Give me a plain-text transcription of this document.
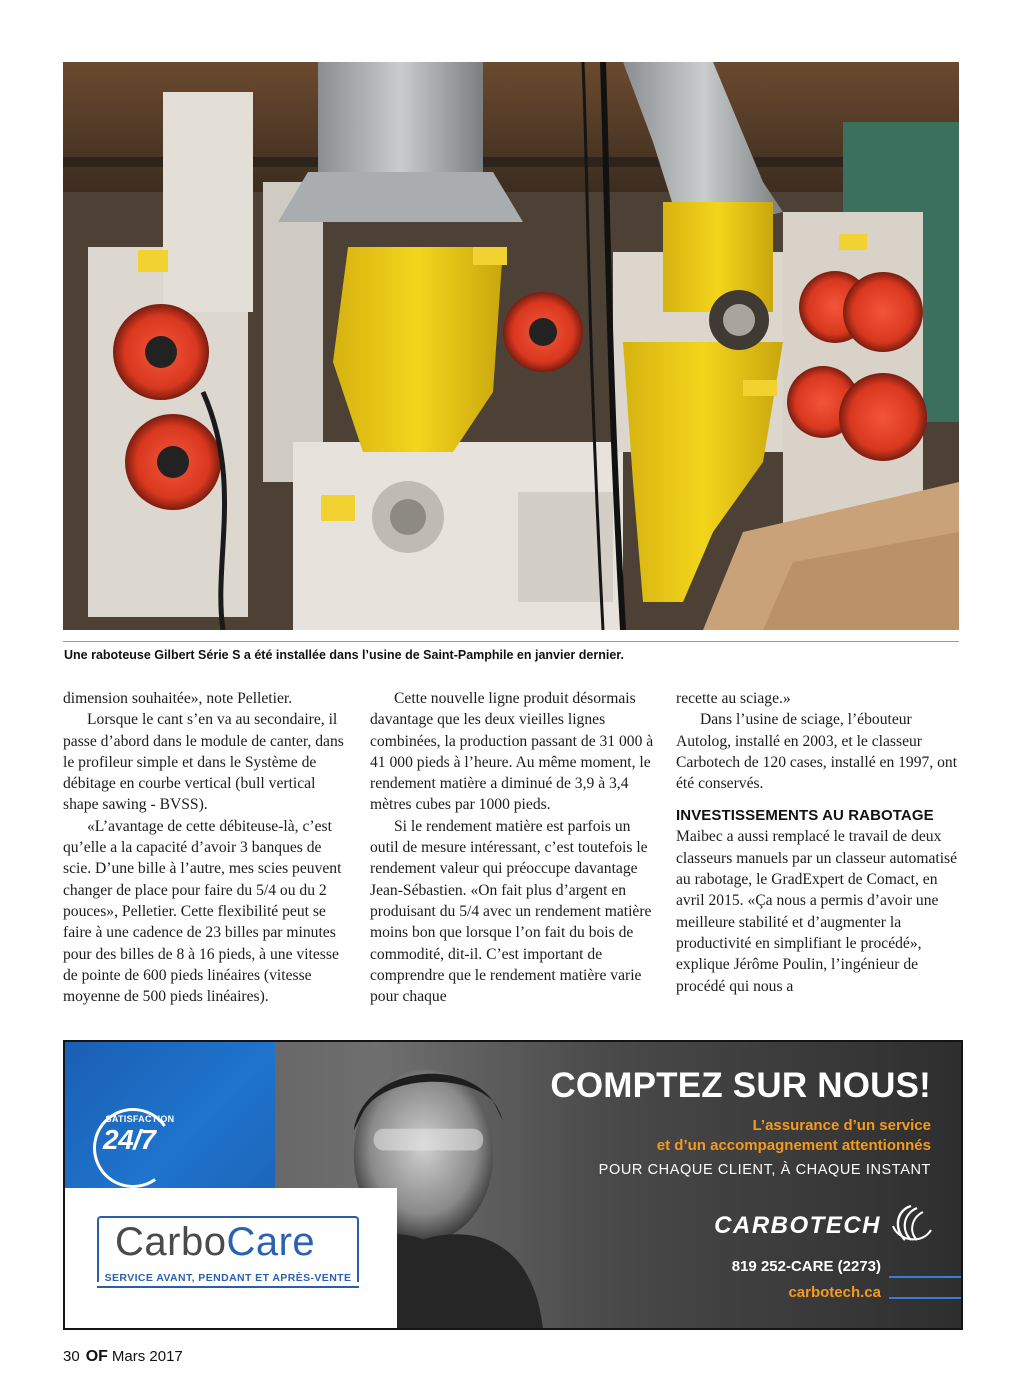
Une raboteuse Gilbert Série S a été installée dans l’usine de Saint-Pamphile en janvier dernier.

dimension souhaitée», note Pelletier.

Lorsque le cant s’en va au secondaire, il passe d’abord dans le module de canter, dans le profileur simple et dans le Système de débitage en courbe vertical (bull vertical shape sawing - BVSS).

«L’avantage de cette débiteuse-là, c’est qu’elle a la capacité d’avoir 3 banques de scie. D’une bille à l’autre, mes scies peuvent changer de place pour faire du 5/4 ou du 2 pouces», Pelletier. Cette flexibilité peut se faire à une cadence de 23 billes par minutes pour des billes de 8 à 16 pieds, à une vitesse de pointe de 600 pieds linéaires (vitesse moyenne de 500 pieds linéaires).

Cette nouvelle ligne produit désormais davantage que les deux vieilles lignes combinées, la production passant de 31 000 à 41 000 pieds à l’heure. Au même moment, le rendement matière a diminué de 3,9 à 3,4 mètres cubes par 1000 pieds.

Si le rendement matière est parfois un outil de mesure intéressant, c’est toutefois le rendement valeur qui préoccupe davantage Jean-Sébastien. «On fait plus d’argent en produisant du 5/4 avec un rendement matière moins bon que lorsque l’on fait du bois de commodité, dit-il. C’est important de comprendre que le rendement matière varie pour chaque

recette au sciage.»

Dans l’usine de sciage, l’ébouteur Autolog, installé en 2003, et le classeur Carbotech de 120 cases, installé en 1997, ont été conservés.

INVESTISSEMENTS AU RABOTAGE

Maibec a aussi remplacé le travail de deux classeurs manuels par un classeur automatisé au rabotage, le GradExpert de Comact, en avril 2015. «Ça nous a permis d’avoir une meilleure stabilité et d’augmenter la productivité en simplifiant le procédé», explique Jérôme Poulin, l’ingénieur de procédé qui nous a

SATISFACTION
24/7
CarboCare
SERVICE AVANT, PENDANT ET APRÈS-VENTE
COMPTEZ SUR NOUS!
L’assurance d’un service
et d’un accompagnement attentionnés
POUR CHAQUE CLIENT, À CHAQUE INSTANT
CARBOTECH
819 252-CARE (2273)
carbotech.ca
30 OF Mars 2017
